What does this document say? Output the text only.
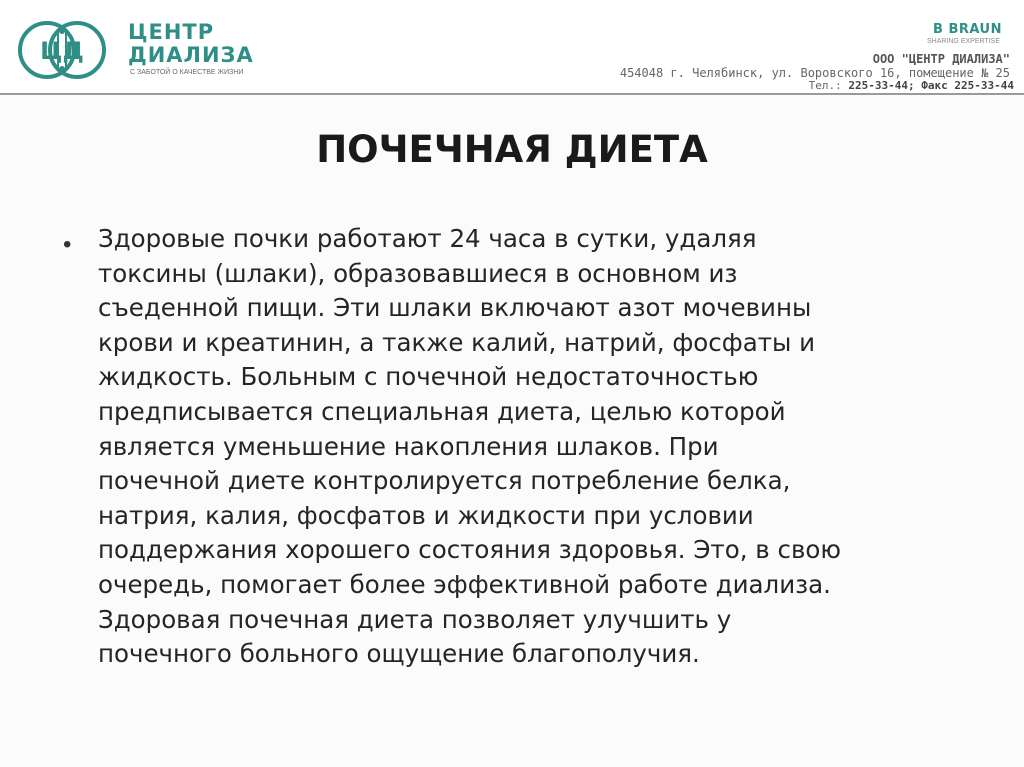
ЦД
ЦЕНТР
ДИАЛИЗА
С ЗАБОТОЙ О КАЧЕСТВЕ ЖИЗНИ
B BRAUN
SHARING EXPERTISE
ООО "ЦЕНТР ДИАЛИЗА"
454048 г. Челябинск, ул. Воровского 16, помещение № 25
Тел.: 225-33-44; Факс 225-33-44
ПОЧЕЧНАЯ ДИЕТА
• Здоровые почки работают 24 часа в сутки, удаляя
токсины (шлаки), образовавшиеся в основном из
съеденной пищи. Эти шлаки включают азот мочевины
крови и креатинин, а также калий, натрий, фосфаты и
жидкость. Больным с почечной недостаточностью
предписывается специальная диета, целью которой
является уменьшение накопления шлаков. При
почечной диете контролируется потребление белка,
натрия, калия, фосфатов и жидкости при условии
поддержания хорошего состояния здоровья. Это, в свою
очередь, помогает более эффективной работе диализа.
Здоровая почечная диета позволяет улучшить у
почечного больного ощущение благополучия.
